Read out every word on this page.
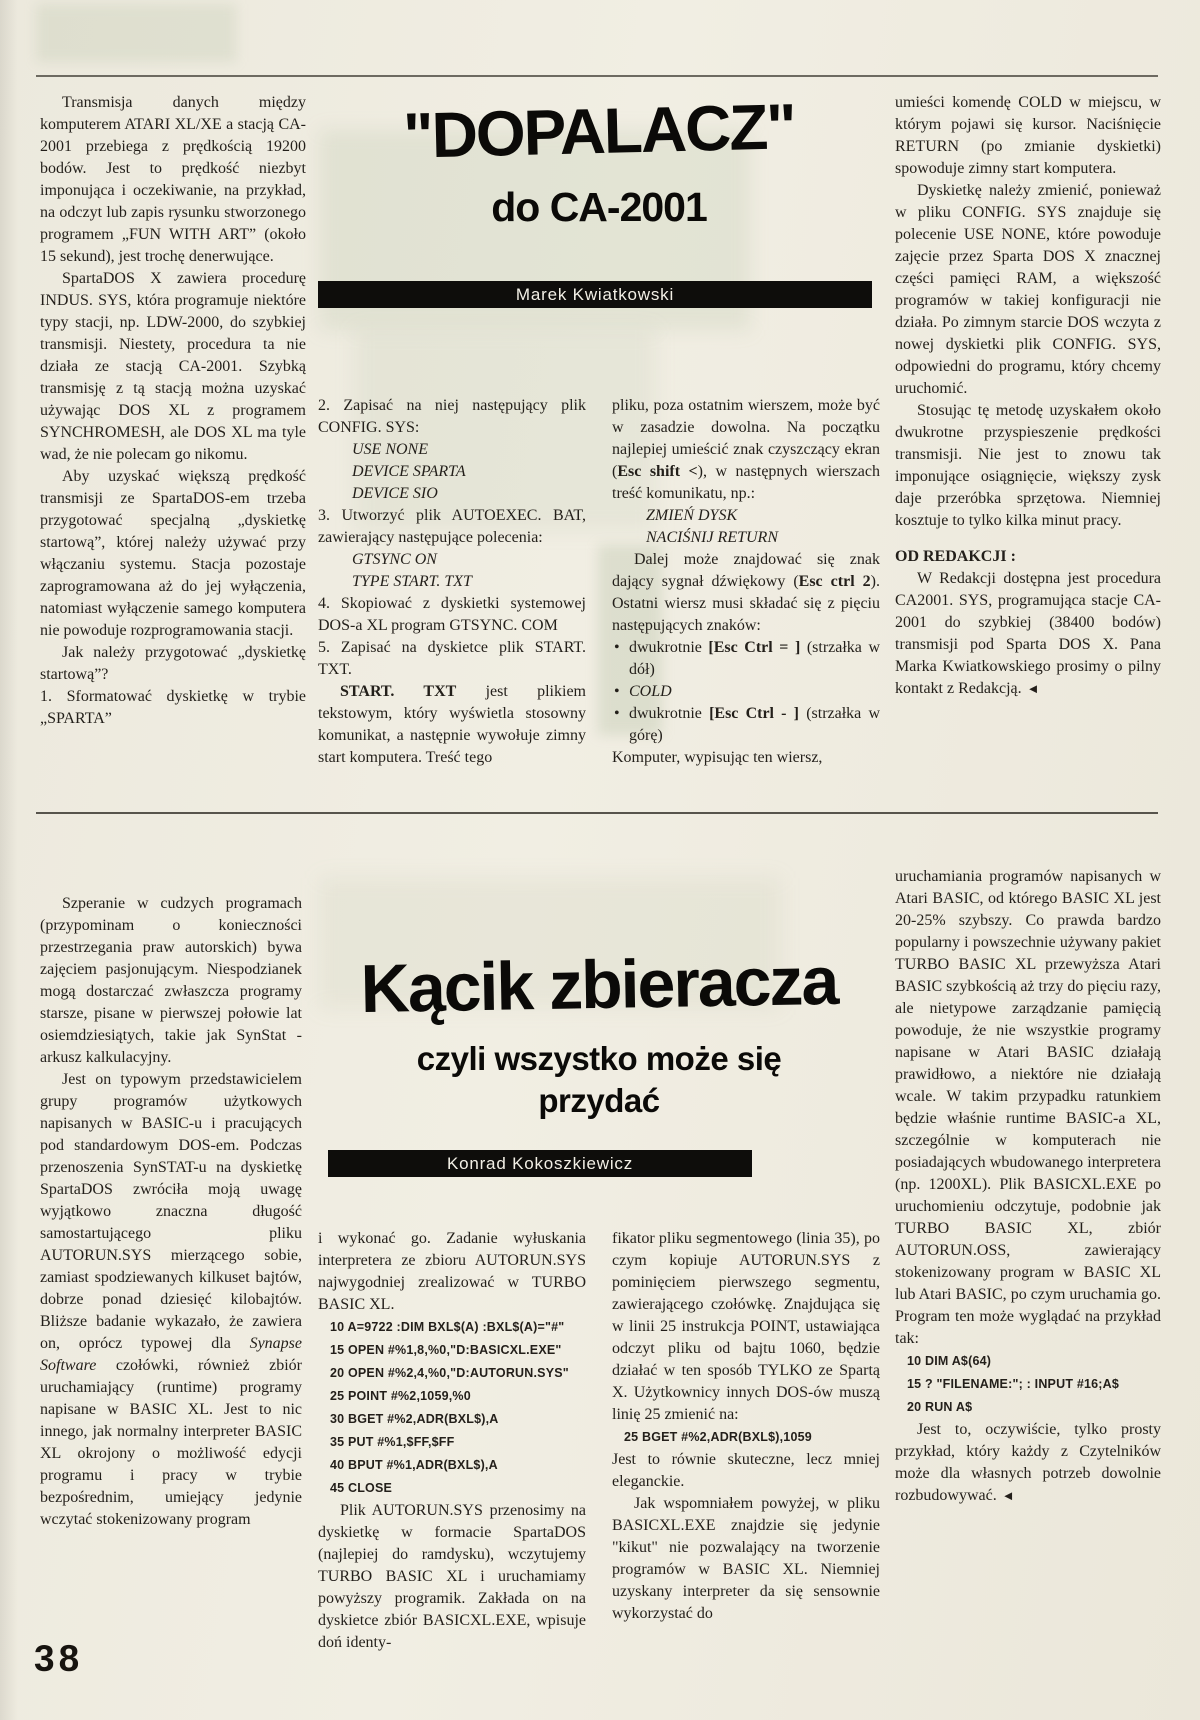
"DOPALACZ"
do CA-2001
Marek Kwiatkowski

Transmisja danych między komputerem ATARI XL/XE a stacją CA-2001 przebiega z prędkością 19200 bodów. Jest to prędkość niezbyt imponująca i oczekiwanie, na przykład, na odczyt lub zapis rysunku stworzonego programem „FUN WITH ART” (około 15 sekund), jest trochę denerwujące.

SpartaDOS X zawiera procedurę INDUS. SYS, która programuje niektóre typy stacji, np. LDW-2000, do szybkiej transmisji. Niestety, procedura ta nie działa ze stacją CA-2001. Szybką transmisję z tą stacją można uzyskać używając DOS XL z programem SYNCHROMESH, ale DOS XL ma tyle wad, że nie polecam go nikomu.

Aby uzyskać większą prędkość transmisji ze SpartaDOS-em trzeba przygotować specjalną „dyskietkę startową”, której należy używać przy włączaniu systemu. Stacja pozostaje zaprogramowana aż do jej wyłączenia, natomiast wyłączenie samego komputera nie powoduje rozprogramowania stacji.

Jak należy przygotować „dyskietkę startową”?

1. Sformatować dyskietkę w trybie „SPARTA”

2. Zapisać na niej następujący plik CONFIG. SYS:

USE NONE

DEVICE SPARTA

DEVICE SIO

3. Utworzyć plik AUTOEXEC. BAT, zawierający następujące polecenia:

GTSYNC ON

TYPE START. TXT

4. Skopiować z dyskietki systemowej DOS-a XL program GTSYNC. COM

5. Zapisać na dyskietce plik START. TXT.

START. TXT jest plikiem tekstowym, który wyświetla stosowny komunikat, a następnie wywołuje zimny start komputera. Treść tego

pliku, poza ostatnim wierszem, może być w zasadzie dowolna. Na początku najlepiej umieścić znak czyszczący ekran (Esc shift <), w następnych wierszach treść komunikatu, np.:

ZMIEŃ DYSK

NACIŚNIJ RETURN

Dalej może znajdować się znak dający sygnał dźwiękowy (Esc ctrl 2). Ostatni wiersz musi składać się z pięciu następujących znaków:

• dwukrotnie [Esc Ctrl = ] (strzałka w dół)
• COLD
• dwukrotnie [Esc Ctrl - ] (strzałka w górę)

Komputer, wypisując ten wiersz,

umieści komendę COLD w miejscu, w którym pojawi się kursor. Naciśnięcie RETURN (po zmianie dyskietki) spowoduje zimny start komputera.

Dyskietkę należy zmienić, ponieważ w pliku CONFIG. SYS znajduje się polecenie USE NONE, które powoduje zajęcie przez Sparta DOS X znacznej części pamięci RAM, a większość programów w takiej konfiguracji nie działa. Po zimnym starcie DOS wczyta z nowej dyskietki plik CONFIG. SYS, odpowiedni do programu, który chcemy uruchomić.

Stosując tę metodę uzyskałem około dwukrotne przyspieszenie prędkości transmisji. Nie jest to znowu tak imponujące osiągnięcie, większy zysk daje przeróbka sprzętowa. Niemniej kosztuje to tylko kilka minut pracy.

OD REDAKCJI :

W Redakcji dostępna jest procedura CA2001. SYS, programująca stacje CA-2001 do szybkiej (38400 bodów) transmisji pod Sparta DOS X. Pana Marka Kwiatkowskiego prosimy o pilny kontakt z Redakcją. ◄

Kącik zbieracza
czyli wszystko może się przydać
Konrad Kokoszkiewicz

Szperanie w cudzych programach (przypominam o konieczności przestrzegania praw autorskich) bywa zajęciem pasjonującym. Niespodzianek mogą dostarczać zwłaszcza programy starsze, pisane w pierwszej połowie lat osiemdziesiątych, takie jak SynStat - arkusz kalkulacyjny.

Jest on typowym przedstawicielem grupy programów użytkowych napisanych w BASIC-u i pracujących pod standardowym DOS-em. Podczas przenoszenia SynSTAT-u na dyskietkę SpartaDOS zwróciła moją uwagę wyjątkowo znaczna długość samostartującego pliku AUTORUN.SYS mierzącego sobie, zamiast spodziewanych kilkuset bajtów, dobrze ponad dziesięć kilobajtów. Bliższe badanie wykazało, że zawiera on, oprócz typowej dla Synapse Software czołówki, również zbiór uruchamiający (runtime) programy napisane w BASIC XL. Jest to nic innego, jak normalny interpreter BASIC XL okrojony o możliwość edycji programu i pracy w trybie bezpośrednim, umiejący jedynie wczytać stokenizowany program

i wykonać go. Zadanie wyłuskania interpretera ze zbioru AUTORUN.SYS najwygodniej zrealizować w TURBO BASIC XL.

10 A=9722 :DIM BXL$(A) :BXL$(A)="#"
15 OPEN #%1,8,%0,"D:BASICXL.EXE"
20 OPEN #%2,4,%0,"D:AUTORUN.SYS"
25 POINT #%2,1059,%0
30 BGET #%2,ADR(BXL$),A
35 PUT #%1,$FF,$FF
40 BPUT #%1,ADR(BXL$),A
45 CLOSE

Plik AUTORUN.SYS przenosimy na dyskietkę w formacie SpartaDOS (najlepiej do ramdysku), wczytujemy TURBO BASIC XL i uruchamiamy powyższy programik. Zakłada on na dyskietce zbiór BASICXL.EXE, wpisuje doń identy-

fikator pliku segmentowego (linia 35), po czym kopiuje AUTORUN.SYS z pominięciem pierwszego segmentu, zawierającego czołówkę. Znajdująca się w linii 25 instrukcja POINT, ustawiająca odczyt pliku od bajtu 1060, będzie działać w ten sposób TYLKO ze Spartą X. Użytkownicy innych DOS-ów muszą linię 25 zmienić na:

25 BGET #%2,ADR(BXL$),1059

Jest to równie skuteczne, lecz mniej eleganckie.

Jak wspomniałem powyżej, w pliku BASICXL.EXE znajdzie się jedynie "kikut" nie pozwalający na tworzenie programów w BASIC XL. Niemniej uzyskany interpreter da się sensownie wykorzystać do

uruchamiania programów napisanych w Atari BASIC, od którego BASIC XL jest 20-25% szybszy. Co prawda bardzo popularny i powszechnie używany pakiet TURBO BASIC XL przewyższa Atari BASIC szybkością aż trzy do pięciu razy, ale nietypowe zarządzanie pamięcią powoduje, że nie wszystkie programy napisane w Atari BASIC działają prawidłowo, a niektóre nie działają wcale. W takim przypadku ratunkiem będzie właśnie runtime BASIC-a XL, szczególnie w komputerach nie posiadających wbudowanego interpretera (np. 1200XL). Plik BASICXL.EXE po uruchomieniu odczytuje, podobnie jak TURBO BASIC XL, zbiór AUTORUN.OSS, zawierający stokenizowany program w BASIC XL lub Atari BASIC, po czym uruchamia go. Program ten może wyglądać na przykład tak:

10 DIM A$(64)
15 ? "FILENAME:"; : INPUT #16;A$
20 RUN A$

Jest to, oczywiście, tylko prosty przykład, który każdy z Czytelników może dla własnych potrzeb dowolnie rozbudowywać. ◄

38
